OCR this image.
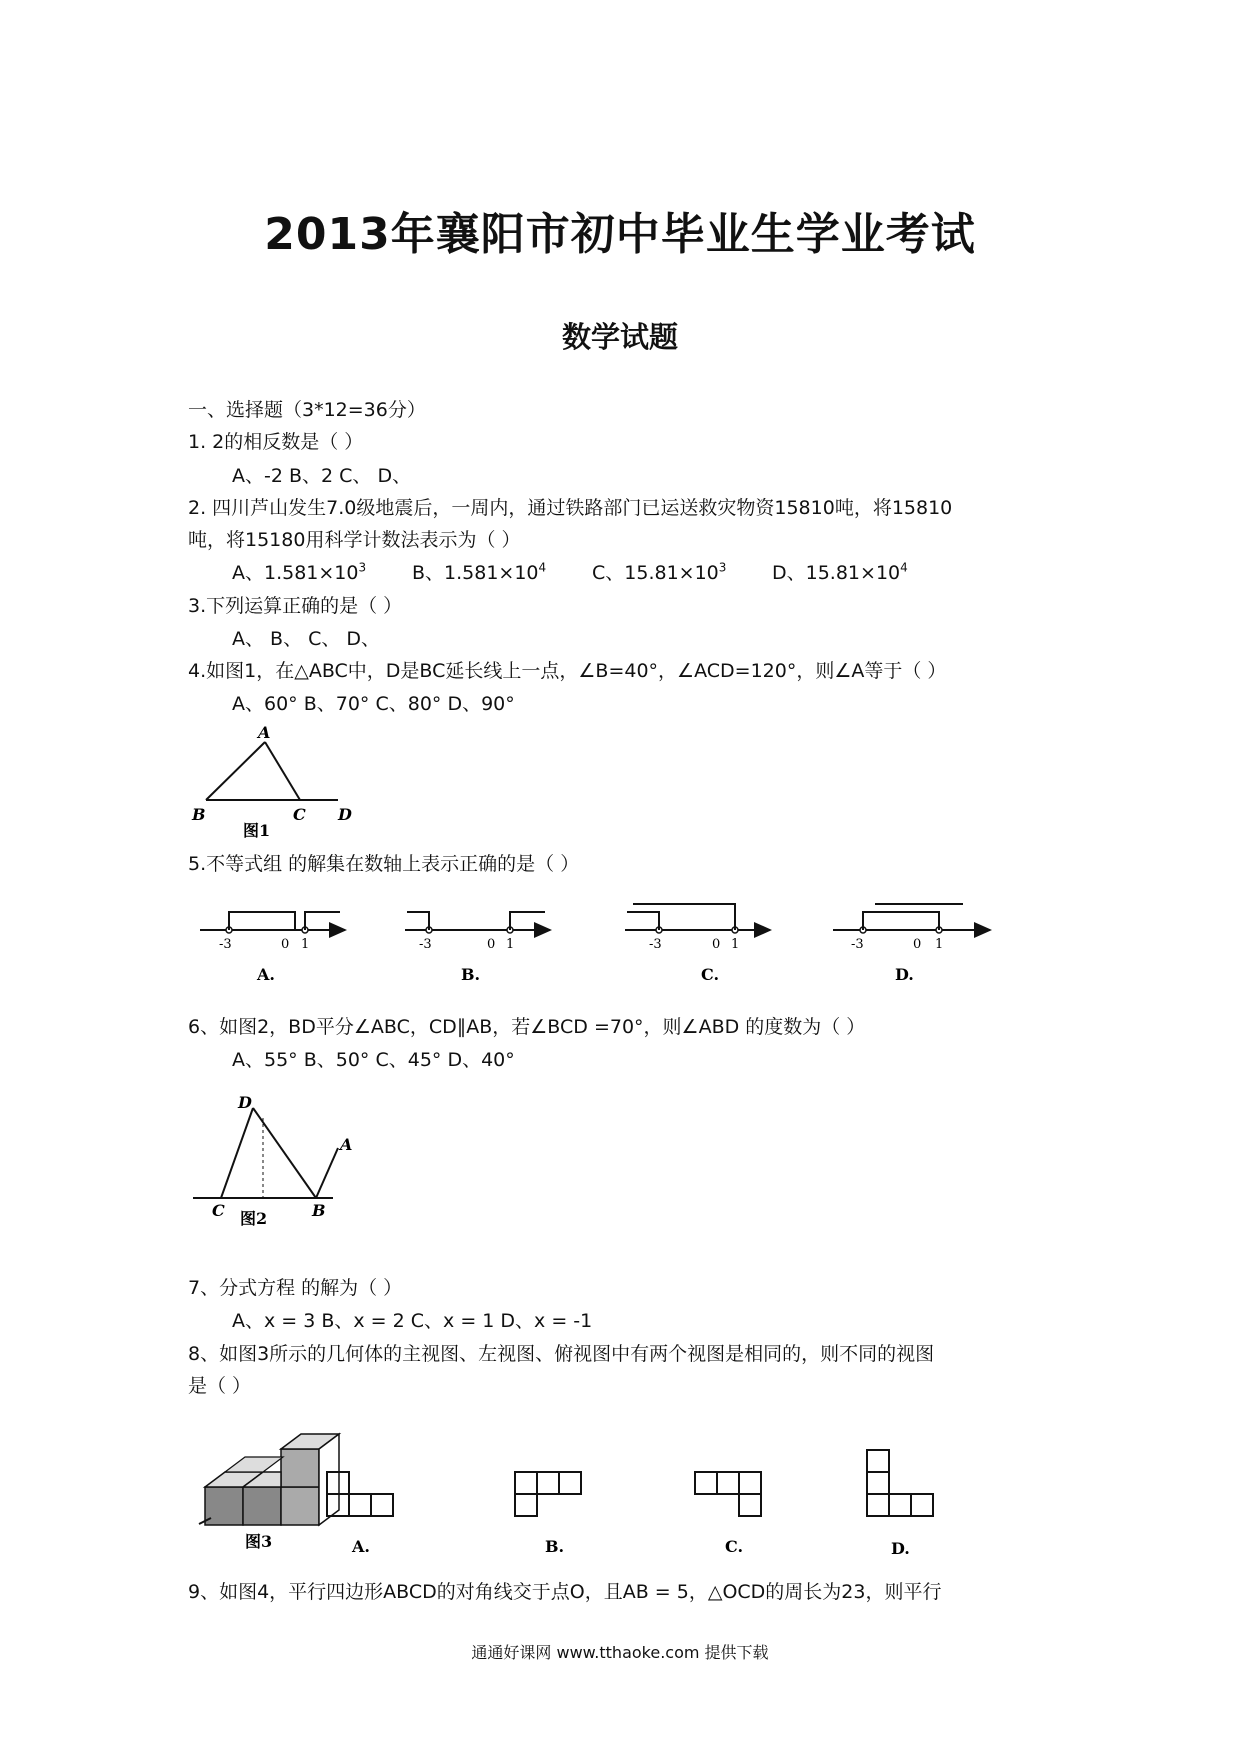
2013年襄阳市初中毕业生学业考试
数学试题
一、选择题（3*12=36分）
1. 2的相反数是（ ）
A、-2 B、2 C、 D、
2. 四川芦山发生7.0级地震后，一周内，通过铁路部门已运送救灾物资15810吨，将15810
吨，将15180用科学计数法表示为（ ）
A、$1.581\times 10^3$ B、$1.581\times 10^4$ C、$15.81\times 10^3$ D、$15.81\times 10^4$
3.下列运算正确的是（ ）
A、 B、 C、 D、
4.如图1，在△ABC中，D是BC延长线上一点，∠B=40°，∠ACD=120°，则∠A等于（ ）
A、60° B、70° C、80° D、90°
A
B	C D
图1
5.不等式组 的解集在数轴上表示正确的是（ ）
-3	0 1
A.
-3	0 1
B.
-3	0 1
C.
-3	0 1
D.
6、如图2，BD平分∠ABC，CD∥AB，若∠BCD =70°，则∠ABD 的度数为（ ）
A、55° B、50° C、45° D、40°
D
A
C	B
图2
7、分式方程 的解为（ ）
A、x = 3 B、x = 2 C、x = 1 D、x = -1
8、如图3所示的几何体的主视图、左视图、俯视图中有两个视图是相同的，则不同的视图
是（ ）
图3	A.	B.	C.	D.
9、如图4，平行四边形ABCD的对角线交于点O，且AB = 5，△OCD的周长为23，则平行
通通好课网 www.tthaoke.com 提供下载
